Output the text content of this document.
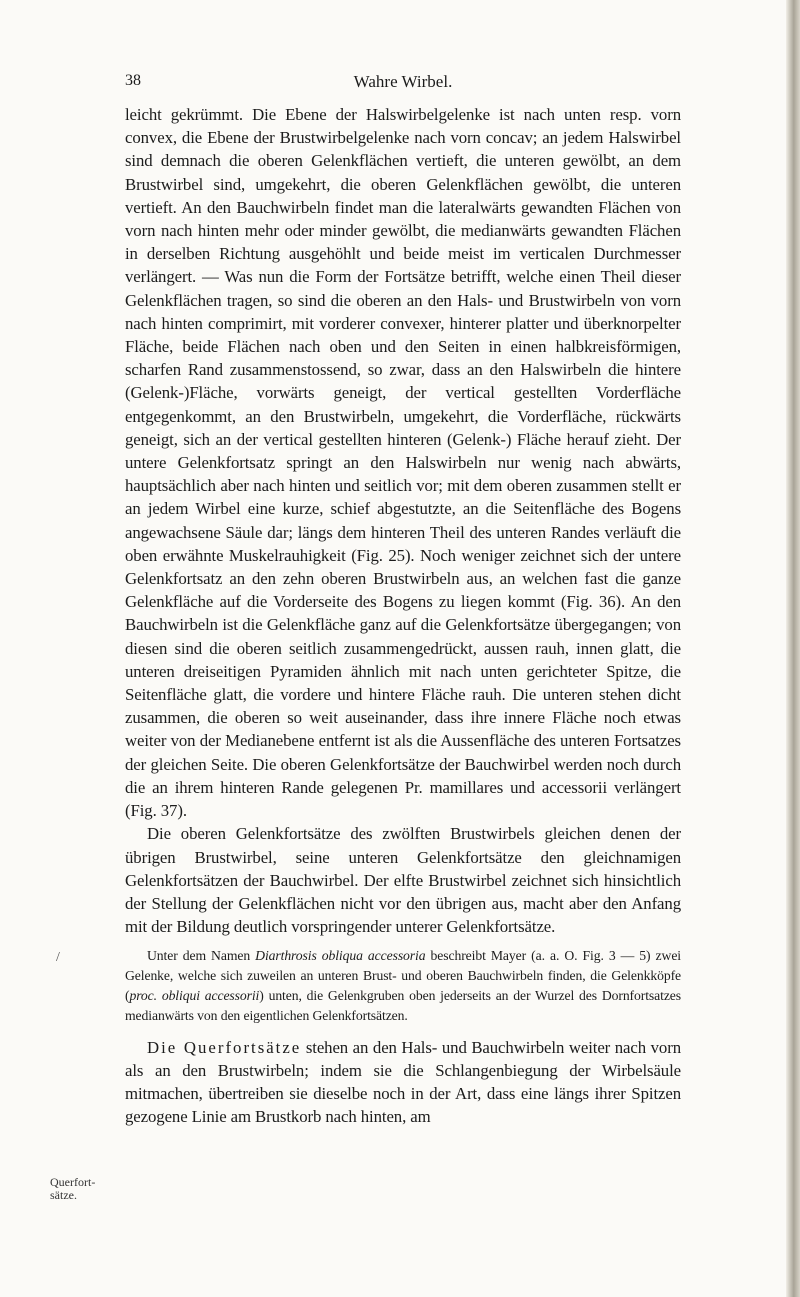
38	Wahre Wirbel.
/
Querfort-
sätze.

leicht gekrümmt. Die Ebene der Halswirbelgelenke ist nach unten resp. vorn convex, die Ebene der Brustwirbelgelenke nach vorn concav; an jedem Halswirbel sind demnach die oberen Gelenkflächen vertieft, die unteren gewölbt, an dem Brustwirbel sind, umgekehrt, die oberen Gelenkflächen gewölbt, die unteren vertieft. An den Bauchwirbeln findet man die lateralwärts gewandten Flächen von vorn nach hinten mehr oder minder gewölbt, die medianwärts gewandten Flächen in derselben Richtung ausgehöhlt und beide meist im verticalen Durchmesser verlängert. — Was nun die Form der Fortsätze betrifft, welche einen Theil dieser Gelenkflächen tragen, so sind die oberen an den Hals- und Brustwirbeln von vorn nach hinten comprimirt, mit vorderer convexer, hinterer platter und überknorpelter Fläche, beide Flächen nach oben und den Seiten in einen halbkreisförmigen, scharfen Rand zusammenstossend, so zwar, dass an den Halswirbeln die hintere (Gelenk-)Fläche, vorwärts geneigt, der vertical gestellten Vorderfläche entgegenkommt, an den Brustwirbeln, umgekehrt, die Vorderfläche, rückwärts geneigt, sich an der vertical gestellten hinteren (Gelenk-) Fläche herauf zieht. Der untere Gelenkfortsatz springt an den Halswirbeln nur wenig nach abwärts, hauptsächlich aber nach hinten und seitlich vor; mit dem oberen zusammen stellt er an jedem Wirbel eine kurze, schief abgestutzte, an die Seitenfläche des Bogens angewachsene Säule dar; längs dem hinteren Theil des unteren Randes verläuft die oben erwähnte Muskelrauhigkeit (Fig. 25). Noch weniger zeichnet sich der untere Gelenkfortsatz an den zehn oberen Brustwirbeln aus, an welchen fast die ganze Gelenkfläche auf die Vorderseite des Bogens zu liegen kommt (Fig. 36). An den Bauchwirbeln ist die Gelenkfläche ganz auf die Gelenkfortsätze übergegangen; von diesen sind die oberen seitlich zusammengedrückt, aussen rauh, innen glatt, die unteren dreiseitigen Pyramiden ähnlich mit nach unten gerichteter Spitze, die Seitenfläche glatt, die vordere und hintere Fläche rauh. Die unteren stehen dicht zusammen, die oberen so weit auseinander, dass ihre innere Fläche noch etwas weiter von der Medianebene entfernt ist als die Aussenfläche des unteren Fortsatzes der gleichen Seite. Die oberen Gelenkfortsätze der Bauchwirbel werden noch durch die an ihrem hinteren Rande gelegenen Pr. mamillares und accessorii verlängert (Fig. 37).

Die oberen Gelenkfortsätze des zwölften Brustwirbels gleichen denen der übrigen Brustwirbel, seine unteren Gelenkfortsätze den gleichnamigen Gelenkfortsätzen der Bauchwirbel. Der elfte Brustwirbel zeichnet sich hinsichtlich der Stellung der Gelenkflächen nicht vor den übrigen aus, macht aber den Anfang mit der Bildung deutlich vorspringender unterer Gelenkfortsätze.

Unter dem Namen Diarthrosis obliqua accessoria beschreibt Mayer (a. a. O. Fig. 3 — 5) zwei Gelenke, welche sich zuweilen an unteren Brust- und oberen Bauchwirbeln finden, die Gelenkköpfe (proc. obliqui accessorii) unten, die Gelenkgruben oben jederseits an der Wurzel des Dornfortsatzes medianwärts von den eigentlichen Gelenkfortsätzen.

Die Querfortsätze stehen an den Hals- und Bauchwirbeln weiter nach vorn als an den Brustwirbeln; indem sie die Schlangenbiegung der Wirbelsäule mitmachen, übertreiben sie dieselbe noch in der Art, dass eine längs ihrer Spitzen gezogene Linie am Brustkorb nach hinten, am
